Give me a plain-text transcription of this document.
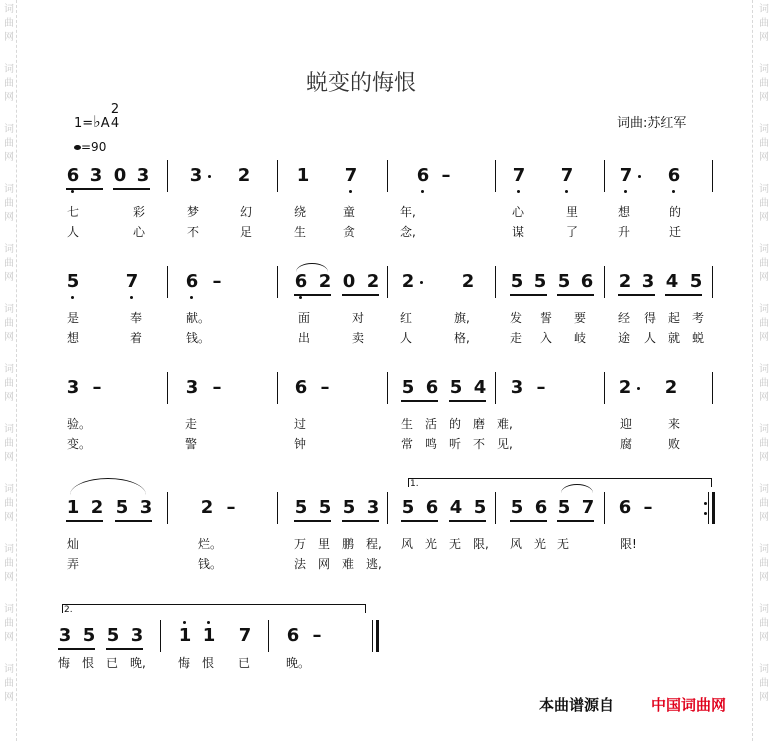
词
曲
网
词
曲
网
词
曲
网
词
曲
网
词
曲
网
词
曲
网
词
曲
网
词
曲
网
词
曲
网
词
曲
网
词
曲
网
词
曲
网
词
曲
网
词
曲
网
词
曲
网
词
曲
网
词
曲
网
词
曲
网
词
曲
网
词
曲
网
词
曲
网
词
曲
网
词
曲
网
词
曲
网
蜕变的悔恨
1=♭A
2
4
=90
词曲:苏红军
6 3 0 3 3 2	1 7	6 –	7 7	7 6
七	彩	梦	幻	绕	童	年,	心	里	想	的
人	心	不	足	生	贪	念,	谋	了	升	迁
5	7	6 –	6 2 0 2 2	2 5 5 5 6 2 3 4 5
是	奉	献。	面	对	红	旗,	发 誓 要	经 得 起 考
想	着	钱。	出	卖	人	格,	走 入 岐	途 人 就 蜕
3 –	3 –	6 –	5 6 5 4 3 –	2 2
验。	走	过	生 活 的 磨 难,	迎	来
变。	警	钟	常 鸣 听 不 见,	腐	败
1 2 5 3	2 –	5 5 5 3 5 6 4 5 5 6 5 7 6 –
灿	烂。	万 里 鹏 程, 风 光 无 限, 风 光 无	限!
弄	钱。	法 网 难 逃,
3 5 5 3 1 1 7 6 –
悔 恨 已 晚,	悔 恨 已	晚。
1.
2.
本曲谱源自 中国词曲网
